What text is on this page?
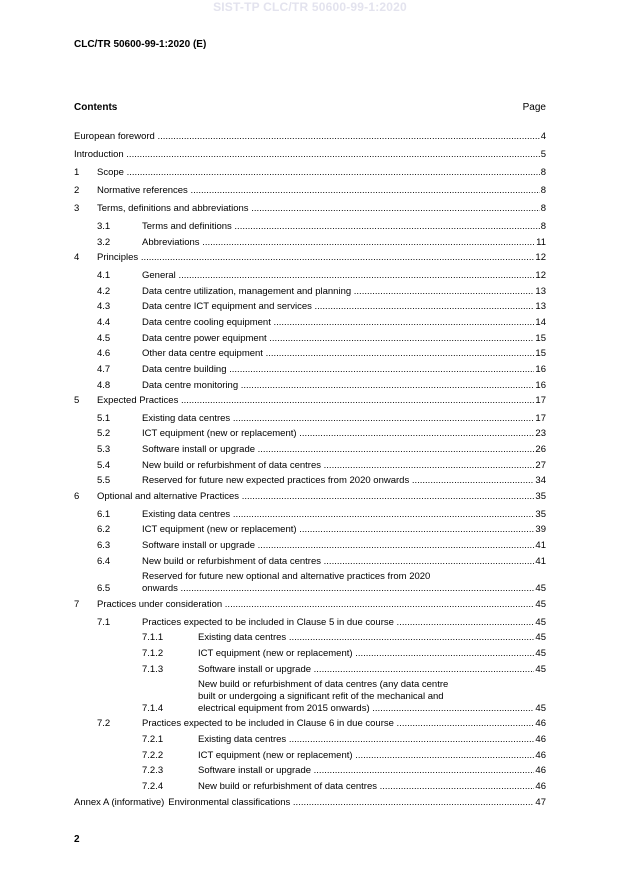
SIST-TP CLC/TR 50600-99-1:2020
CLC/TR 50600-99-1:2020 (E)
Contents	Page
European foreword .....	4
Introduction .....	5
1	Scope .....	8
2	Normative references .....	8
3	Terms, definitions and abbreviations .....	8
3.1	Terms and definitions .....	8
3.2	Abbreviations .....	11
4	Principles .....	12
4.1	General .....	12
4.2	Data centre utilization, management and planning .....	13
4.3	Data centre ICT equipment and services .....	13
4.4	Data centre cooling equipment .....	14
4.5	Data centre power equipment .....	15
4.6	Other data centre equipment .....	15
4.7	Data centre building .....	16
4.8	Data centre monitoring .....	16
5	Expected Practices .....	17
5.1	Existing data centres .....	17
5.2	ICT equipment (new or replacement) .....	23
5.3	Software install or upgrade .....	26
5.4	New build or refurbishment of data centres .....	27
5.5	Reserved for future new expected practices from 2020 onwards .....	34
6	Optional and alternative Practices .....	35
6.1	Existing data centres .....	35
6.2	ICT equipment (new or replacement) .....	39
6.3	Software install or upgrade .....	41
6.4	New build or refurbishment of data centres .....	41
6.5
Reserved for future new optional and alternative practices from 2020
onwards .....	45
7	Practices under consideration .....	45
7.1	Practices expected to be included in Clause 5 in due course .....	45
7.1.1	Existing data centres .....	45
7.1.2	ICT equipment (new or replacement) .....	45
7.1.3	Software install or upgrade .....	45
7.1.4
New build or refurbishment of data centres (any data centre
built or undergoing a significant refit of the mechanical and
electrical equipment from 2015 onwards) .....	45
7.2	Practices expected to be included in Clause 6 in due course .....	46
7.2.1	Existing data centres .....	46
7.2.2	ICT equipment (new or replacement) .....	46
7.2.3	Software install or upgrade .....	46
7.2.4	New build or refurbishment of data centres .....	46
Annex A (informative) Environmental classifications .....	47
2
